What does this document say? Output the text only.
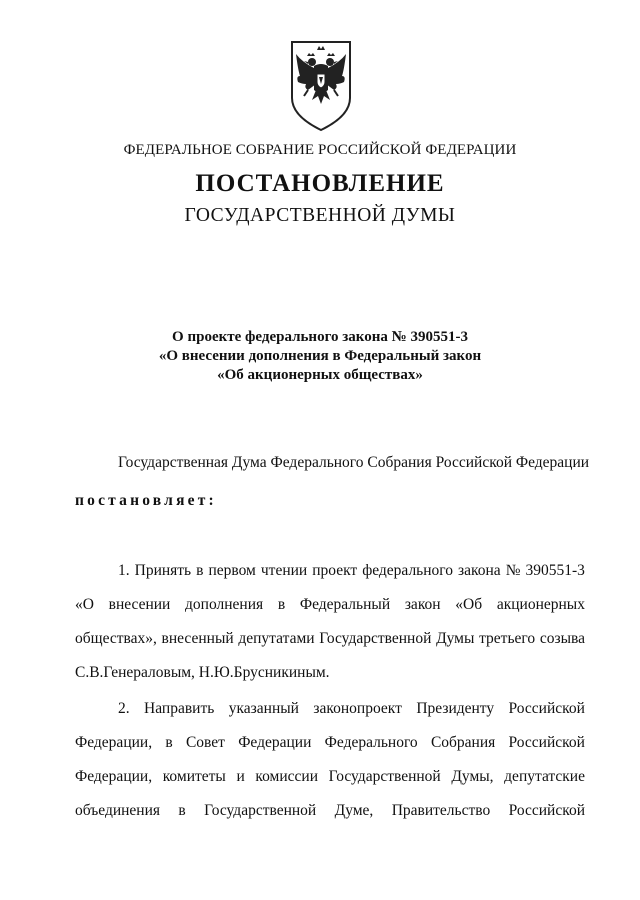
ФЕДЕРАЛЬНОЕ СОБРАНИЕ РОССИЙСКОЙ ФЕДЕРАЦИИ
ПОСТАНОВЛЕНИЕ
ГОСУДАРСТВЕННОЙ ДУМЫ
О проекте федерального закона № 390551-3
«О внесении дополнения в Федеральный закон
«Об акционерных обществах»
Государственная Дума Федерального Собрания Российской Федерации
постановляет:
1. Принять в первом чтении проект федерального закона № 390551-3
«О внесении дополнения в Федеральный закон «Об акционерных
обществах», внесенный депутатами Государственной Думы третьего созыва
С.В.Генераловым, Н.Ю.Брусникиным.
2. Направить указанный законопроект Президенту Российской
Федерации, в Совет Федерации Федерального Собрания Российской
Федерации, комитеты и комиссии Государственной Думы, депутатские
объединения в Государственной Думе, Правительство Российской
